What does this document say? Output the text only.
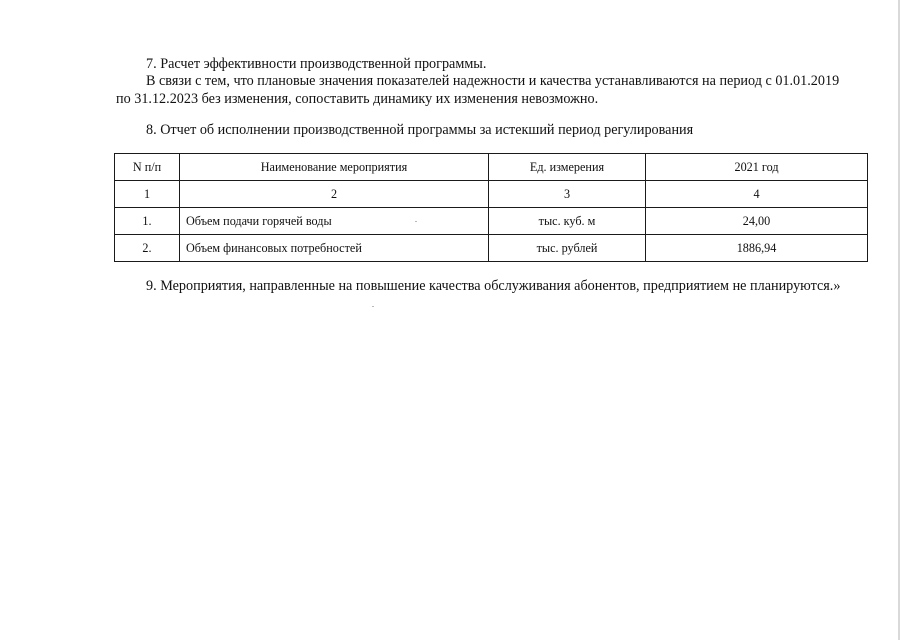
7. Расчет эффективности производственной программы.
В связи с тем, что плановые значения показателей надежности и качества устанавливаются на период с 01.01.2019
по 31.12.2023 без изменения, сопоставить динамику их изменения невозможно.
8. Отчет об исполнении производственной программы за истекший период регулирования
N п/п	Наименование мероприятия	Ед. измерения	2021 год
1	2	3	4
1.	Объем подачи горячей воды	тыс. куб. м	24,00
2.	Объем финансовых потребностей	тыс. рублей	1886,94
9. Мероприятия, направленные на повышение качества обслуживания абонентов, предприятием не планируются.»
